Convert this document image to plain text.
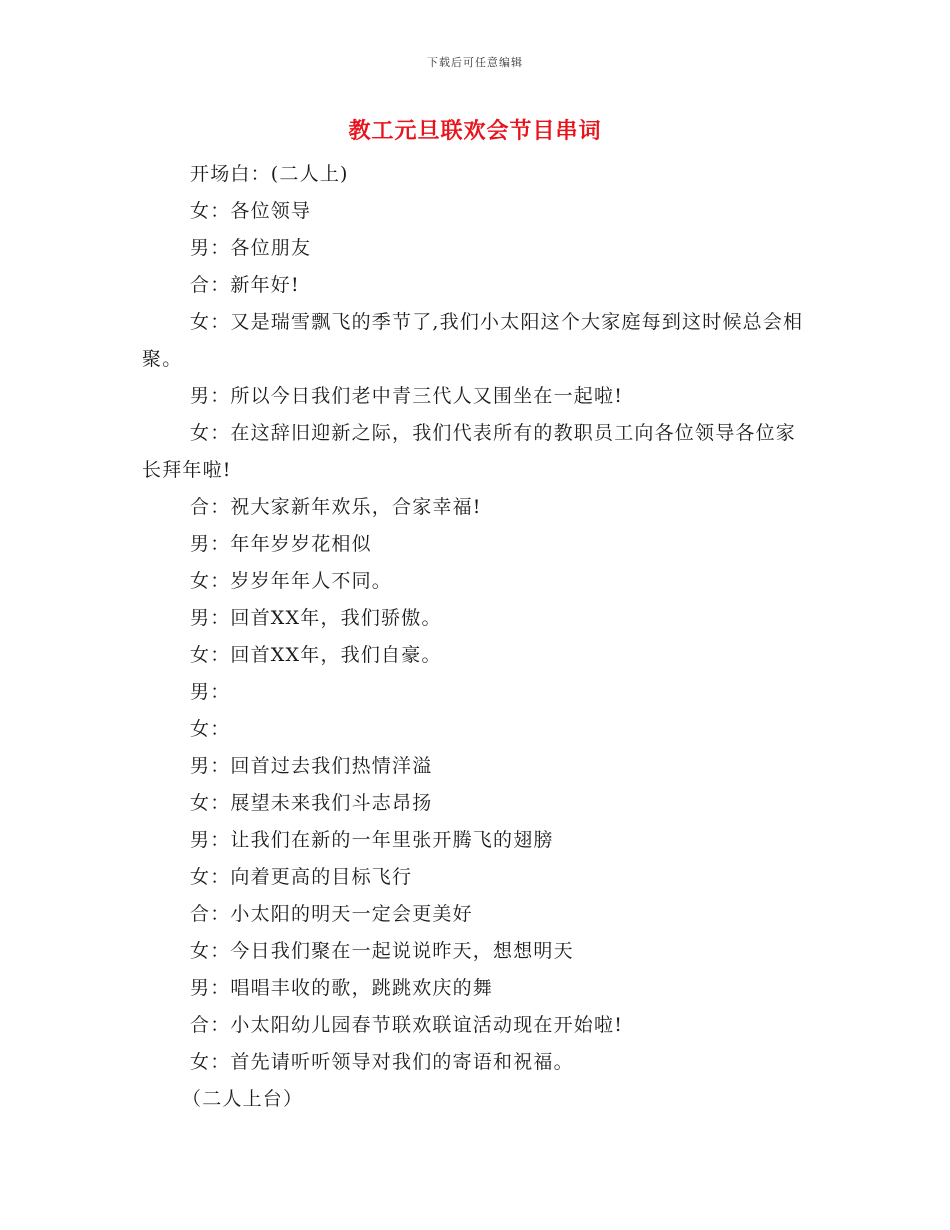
下载后可任意编辑
教工元旦联欢会节目串词

开场白：(二人上)

女：各位领导

男：各位朋友

合：新年好!

女：又是瑞雪飘飞的季节了,我们小太阳这个大家庭每到这时候总会相聚。

男：所以今日我们老中青三代人又围坐在一起啦!

女：在这辞旧迎新之际，我们代表所有的教职员工向各位领导各位家长拜年啦!

合：祝大家新年欢乐，合家幸福!

男：年年岁岁花相似

女：岁岁年年人不同。

男：回首XX年，我们骄傲。

女：回首XX年，我们自豪。

男：

女：

男：回首过去我们热情洋溢

女：展望未来我们斗志昂扬

男：让我们在新的一年里张开腾飞的翅膀

女：向着更高的目标飞行

合：小太阳的明天一定会更美好

女：今日我们聚在一起说说昨天，想想明天

男：唱唱丰收的歌，跳跳欢庆的舞

合：小太阳幼儿园春节联欢联谊活动现在开始啦!

女：首先请听听领导对我们的寄语和祝福。

（二人上台）
